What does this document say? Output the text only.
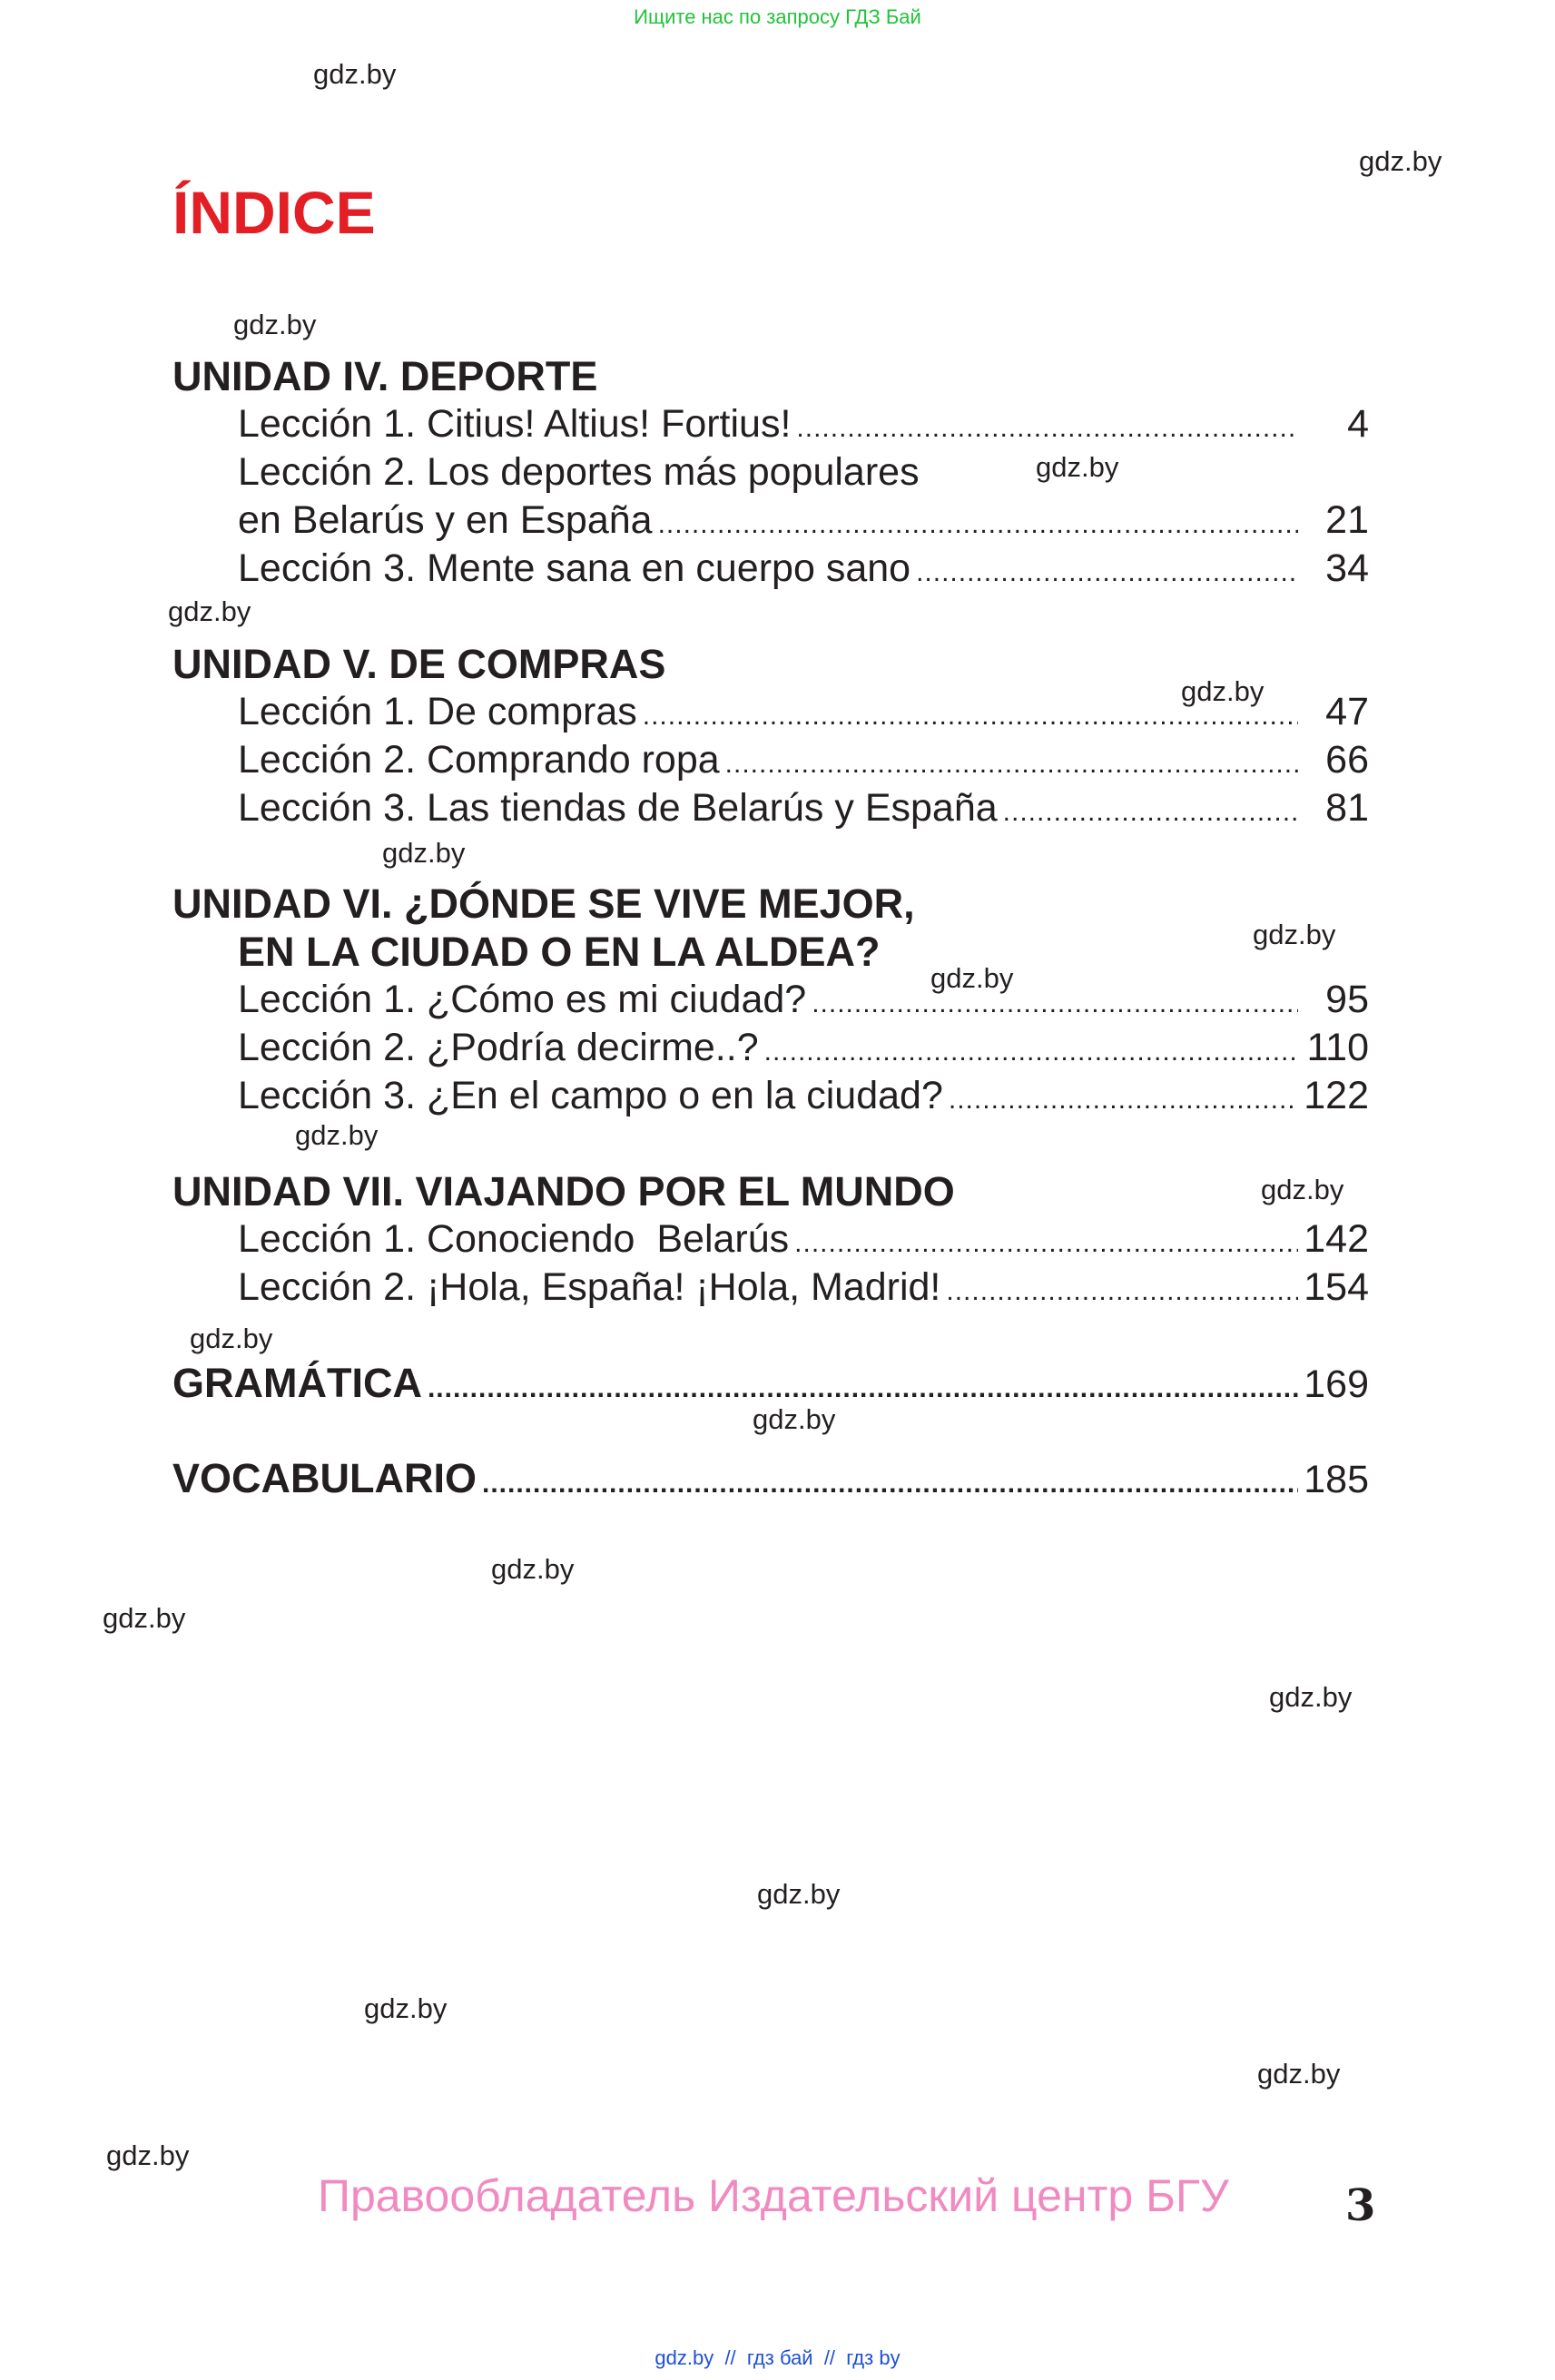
Ищите нас по запросу ГДЗ Бай
gdz.by
gdz.by
gdz.by
gdz.by
gdz.by
gdz.by
gdz.by
gdz.by
gdz.by
gdz.by
gdz.by
gdz.by
gdz.by
gdz.by
gdz.by
gdz.by
gdz.by
gdz.by
gdz.by
gdz.by
ÍNDICE
UNIDAD IV. DEPORTE
Lección 1. Citius! Altius! Fortius! .....	4
Lección 2. Los deportes más populares
en Belarús y en España .....	21
Lección 3. Mente sana en cuerpo sano .....	34
UNIDAD V. DE COMPRAS
Lección 1. De compras .....	47
Lección 2. Comprando ropa .....	66
Lección 3. Las tiendas de Belarús y España .....	81
UNIDAD VI. ¿DÓNDE SE VIVE MEJOR,
EN LA CIUDAD O EN LA ALDEA?
Lección 1. ¿Cómo es mi ciudad? .....	95
Lección 2. ¿Podría decirme..? .....	110
Lección 3. ¿En el campo o en la ciudad? .....	122
UNIDAD VII. VIAJANDO POR EL MUNDO
Lección 1. Conociendo  Belarús .....	142
Lección 2. ¡Hola, España! ¡Hola, Madrid! .....	154
GRAMÁTICA .....	169
VOCABULARIO .....	185
Правообладатель Издательский центр БГУ	3
gdz.by  //  гдз бай  //  гдз by
